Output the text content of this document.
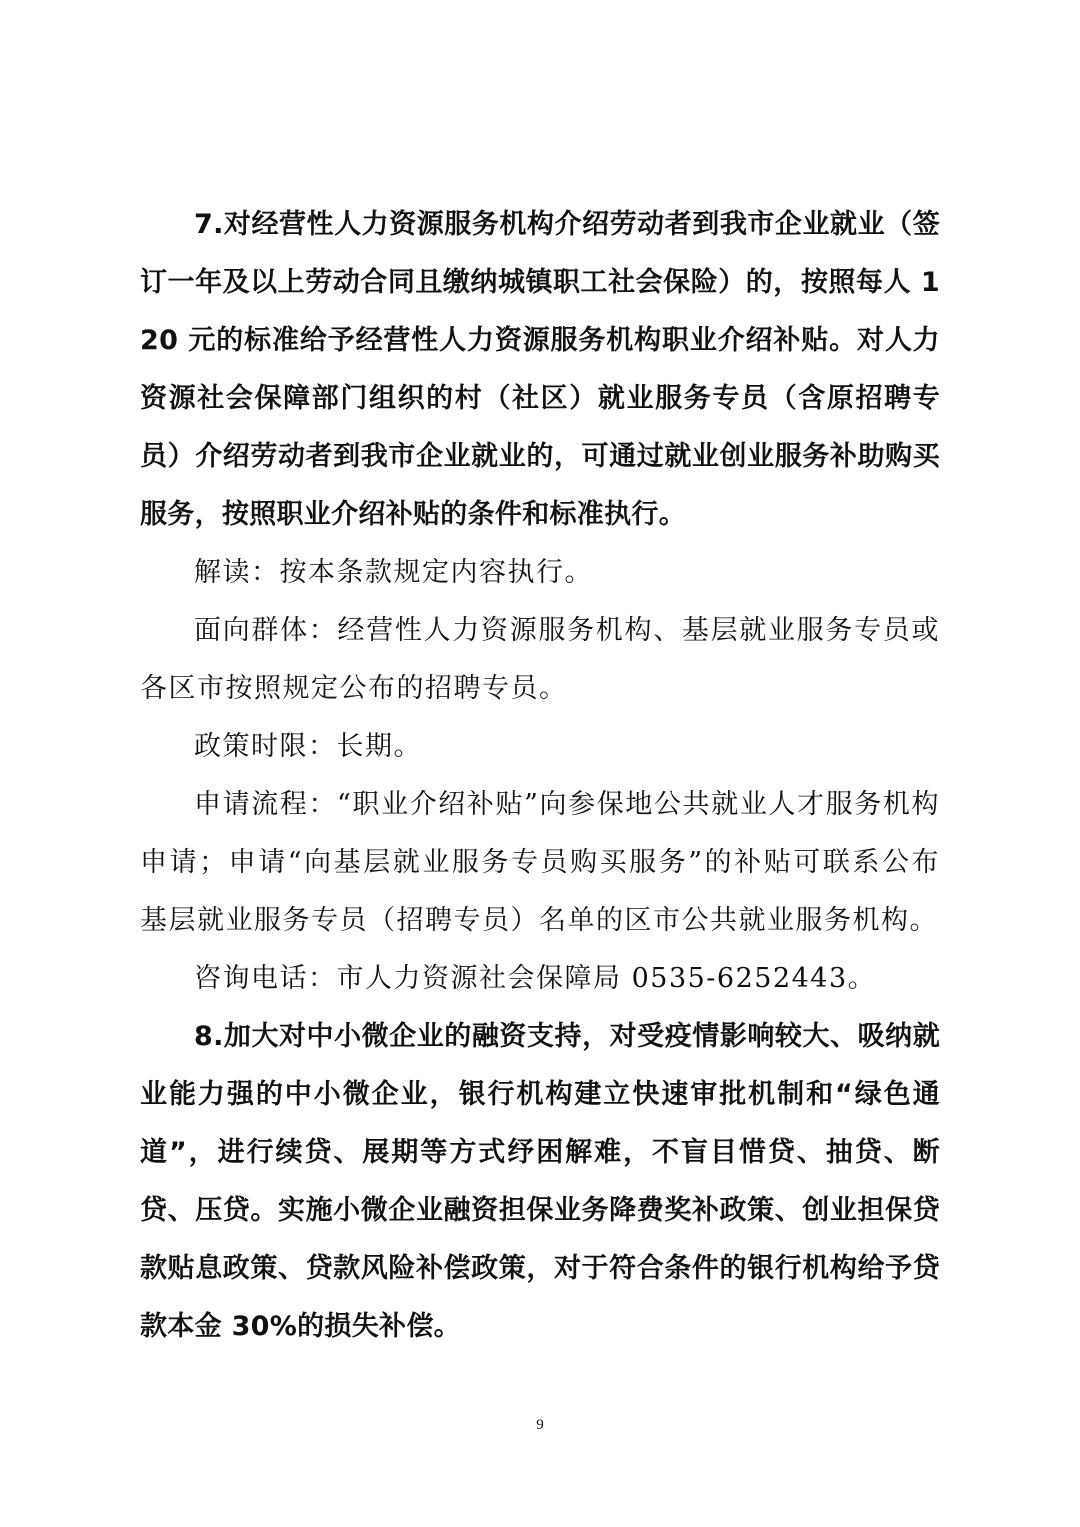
7.对经营性人力资源服务机构介绍劳动者到我市企业就业（签订一年及以上劳动合同且缴纳城镇职工社会保险）的，按照每人 120 元的标准给予经营性人力资源服务机构职业介绍补贴。对人力资源社会保障部门组织的村（社区）就业服务专员（含原招聘专员）介绍劳动者到我市企业就业的，可通过就业创业服务补助购买服务，按照职业介绍补贴的条件和标准执行。

解读：按本条款规定内容执行。

面向群体：经营性人力资源服务机构、基层就业服务专员或各区市按照规定公布的招聘专员。

政策时限：长期。

申请流程：“职业介绍补贴”向参保地公共就业人才服务机构申请；申请“向基层就业服务专员购买服务”的补贴可联系公布基层就业服务专员（招聘专员）名单的区市公共就业服务机构。

咨询电话：市人力资源社会保障局 0535-6252443。

8.加大对中小微企业的融资支持，对受疫情影响较大、吸纳就业能力强的中小微企业，银行机构建立快速审批机制和“绿色通道”，进行续贷、展期等方式纾困解难，不盲目惜贷、抽贷、断贷、压贷。实施小微企业融资担保业务降费奖补政策、创业担保贷款贴息政策、贷款风险补偿政策，对于符合条件的银行机构给予贷款本金 30%的损失补偿。

9
